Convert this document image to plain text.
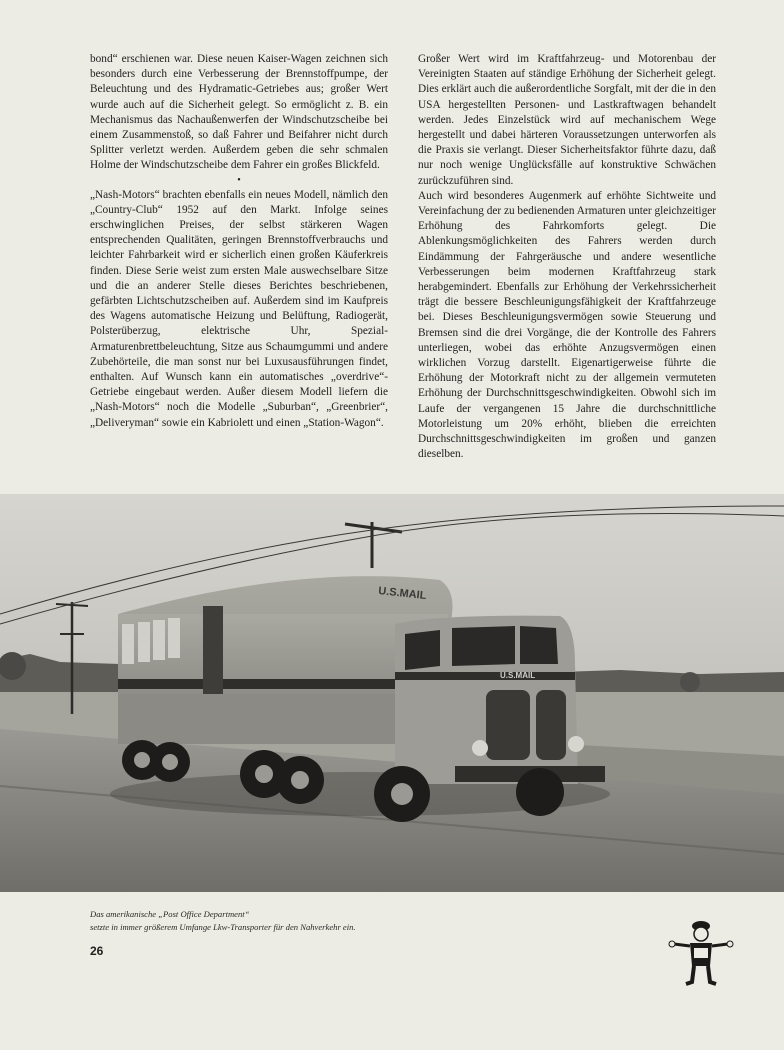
bond“ erschienen war. Diese neuen Kaiser-Wagen zeichnen sich besonders durch eine Verbesserung der Brennstoffpumpe, der Beleuchtung und des Hydramatic-Getriebes aus; großer Wert wurde auch auf die Sicherheit gelegt. So ermöglicht z. B. ein Mechanismus das Nachaußenwerfen der Windschutzscheibe bei einem Zusammenstoß, so daß Fahrer und Beifahrer nicht durch Splitter verletzt werden. Außerdem geben die sehr schmalen Holme der Windschutzscheibe dem Fahrer ein großes Blickfeld.

•

„Nash-Motors“ brachten ebenfalls ein neues Modell, nämlich den „Country-Club“ 1952 auf den Markt. Infolge seines erschwinglichen Preises, der selbst stärkeren Wagen entsprechenden Qualitäten, geringen Brennstoffverbrauchs und leichter Fahrbarkeit wird er sicherlich einen großen Käuferkreis finden. Diese Serie weist zum ersten Male auswechselbare Sitze und die an anderer Stelle dieses Berichtes beschriebenen, gefärbten Lichtschutzscheiben auf. Außerdem sind im Kaufpreis des Wagens automatische Heizung und Belüftung, Radiogerät, Polsterüberzug, elektrische Uhr, Spezial-Armaturenbrettbeleuchtung, Sitze aus Schaumgummi und andere Zubehörteile, die man sonst nur bei Luxusausführungen findet, enthalten. Auf Wunsch kann ein automatisches „overdrive“-Getriebe eingebaut werden. Außer diesem Modell liefern die „Nash-Motors“ noch die Modelle „Suburban“, „Greenbrier“, „Deliveryman“ sowie ein Kabriolett und einen „Station-Wagon“.

Großer Wert wird im Kraftfahrzeug- und Motorenbau der Vereinigten Staaten auf ständige Erhöhung der Sicherheit gelegt. Dies erklärt auch die außerordentliche Sorgfalt, mit der die in den USA hergestellten Personen- und Lastkraftwagen behandelt werden. Jedes Einzelstück wird auf mechanischem Wege hergestellt und dabei härteren Voraussetzungen unterworfen als die Praxis sie verlangt. Dieser Sicherheitsfaktor führte dazu, daß nur noch wenige Unglücksfälle auf konstruktive Schwächen zurückzuführen sind.

Auch wird besonderes Augenmerk auf erhöhte Sichtweite und Vereinfachung der zu bedienenden Armaturen unter gleichzeitiger Erhöhung des Fahrkomforts gelegt. Die Ablenkungsmöglichkeiten des Fahrers werden durch Eindämmung der Fahrgeräusche und andere wesentliche Verbesserungen beim modernen Kraftfahrzeug stark herabgemindert. Ebenfalls zur Erhöhung der Verkehrssicherheit trägt die bessere Beschleunigungsfähigkeit der Kraftfahrzeuge bei. Dieses Beschleunigungsvermögen sowie Steuerung und Bremsen sind die drei Vorgänge, die der Kontrolle des Fahrers unterliegen, wobei das erhöhte Anzugsvermögen einen wirklichen Vorzug darstellt. Eigenartigerweise führte die Erhöhung der Motorkraft nicht zu der allgemein vermuteten Erhöhung der Durchschnittsgeschwindigkeiten. Obwohl sich im Laufe der vergangenen 15 Jahre die durchschnittliche Motorleistung um 20% erhöht, blieben die erreichten Durchschnittsgeschwindigkeiten im großen und ganzen dieselben.

U.S.MAIL
U.S.MAIL
Das amerikanische „Post Office Department“
setzte in immer größerem Umfange Lkw-Transporter für den Nahverkehr ein.
26
